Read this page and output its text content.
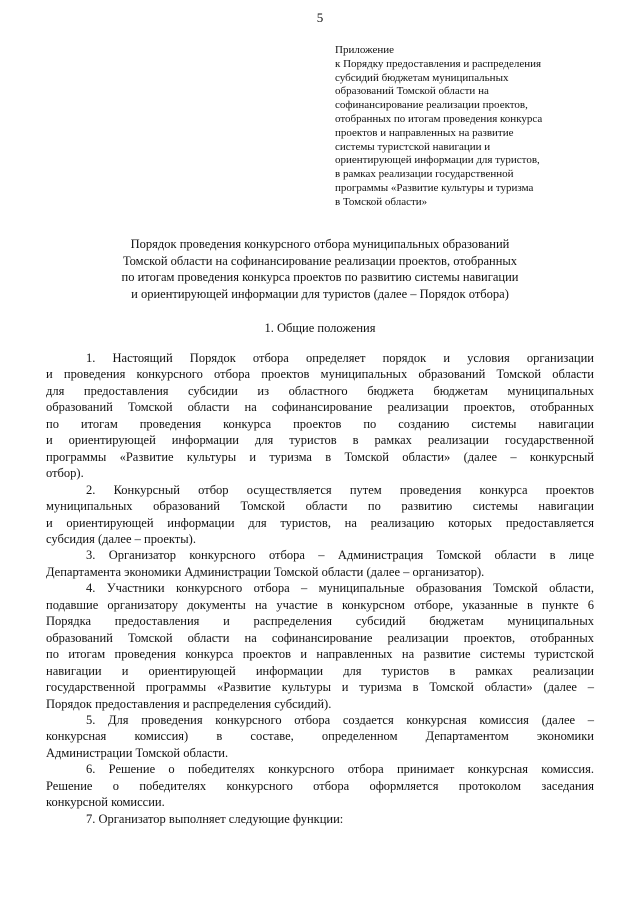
5
Приложение
к Порядку предоставления и распределения
субсидий бюджетам муниципальных
образований Томской области на
софинансирование реализации проектов,
отобранных по итогам проведения конкурса
проектов и направленных на развитие
системы туристской навигации и
ориентирующей информации для туристов,
в рамках реализации государственной
программы «Развитие культуры и туризма
в Томской области»
Порядок проведения конкурсного отбора муниципальных образований
Томской области на софинансирование реализации проектов, отобранных
по итогам проведения конкурса проектов по развитию системы навигации
и ориентирующей информации для туристов (далее – Порядок отбора)
1. Общие положения

1. Настоящий Порядок отбора определяет порядок и условия организации
и проведения конкурсного отбора проектов муниципальных образований Томской области
для предоставления субсидии из областного бюджета бюджетам муниципальных
образований Томской области на софинансирование реализации проектов, отобранных
по итогам проведения конкурса проектов по созданию системы навигации
и ориентирующей информации для туристов в рамках реализации государственной
программы «Развитие культуры и туризма в Томской области» (далее – конкурсный
отбор).

2. Конкурсный отбор осуществляется путем проведения конкурса проектов
муниципальных образований Томской области по развитию системы навигации
и ориентирующей информации для туристов, на реализацию которых предоставляется
субсидия (далее – проекты).

3. Организатор конкурсного отбора – Администрация Томской области в лице
Департамента экономики Администрации Томской области (далее – организатор).

4. Участники конкурсного отбора – муниципальные образования Томской области,
подавшие организатору документы на участие в конкурсном отборе, указанные в пункте 6
Порядка предоставления и распределения субсидий бюджетам муниципальных
образований Томской области на софинансирование реализации проектов, отобранных
по итогам проведения конкурса проектов и направленных на развитие системы туристской
навигации и ориентирующей информации для туристов в рамках реализации
государственной программы «Развитие культуры и туризма в Томской области» (далее –
Порядок предоставления и распределения субсидий).

5. Для проведения конкурсного отбора создается конкурсная комиссия (далее –
конкурсная комиссия) в составе, определенном Департаментом экономики
Администрации Томской области.

6. Решение о победителях конкурсного отбора принимает конкурсная комиссия.
Решение о победителях конкурсного отбора оформляется протоколом заседания
конкурсной комиссии.

7. Организатор выполняет следующие функции:
